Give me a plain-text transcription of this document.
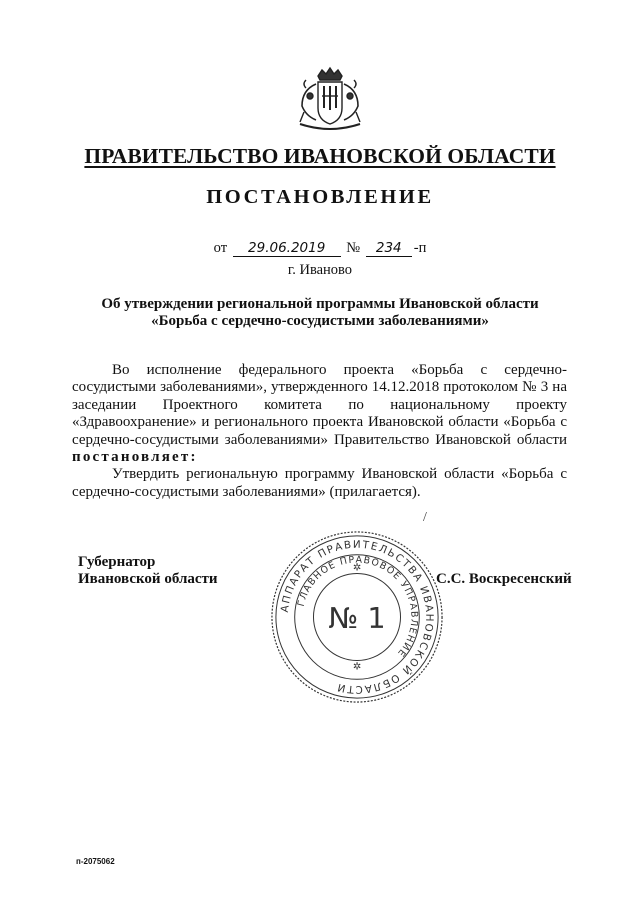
ПРАВИТЕЛЬСТВО ИВАНОВСКОЙ ОБЛАСТИ
ПОСТАНОВЛЕНИЕ
от 29.06.2019 № 234 -п
г. Иваново
Об утверждении региональной программы Ивановской области
«Борьба с сердечно-сосудистыми заболеваниями»

Во исполнение федерального проекта «Борьба с сердечно-сосудистыми заболеваниями», утвержденного 14.12.2018 протоколом № 3 на заседании Проектного комитета по национальному проекту «Здравоохранение» и регионального проекта Ивановской области «Борьба с сердечно-сосудистыми заболеваниями» Правительство Ивановской области постановляет:

Утвердить региональную программу Ивановской области «Борьба с сердечно-сосудистыми заболеваниями» (прилагается).

/
Губернатор
Ивановской области
АППАРАТ ПРАВИТЕЛЬСТВА ИВАНОВСКОЙ ОБЛАСТИ
ГЛАВНОЕ ПРАВОВОЕ УПРАВЛЕНИЕ
№ 1
✲
✲
С.С. Воскресенский
п-2075062
